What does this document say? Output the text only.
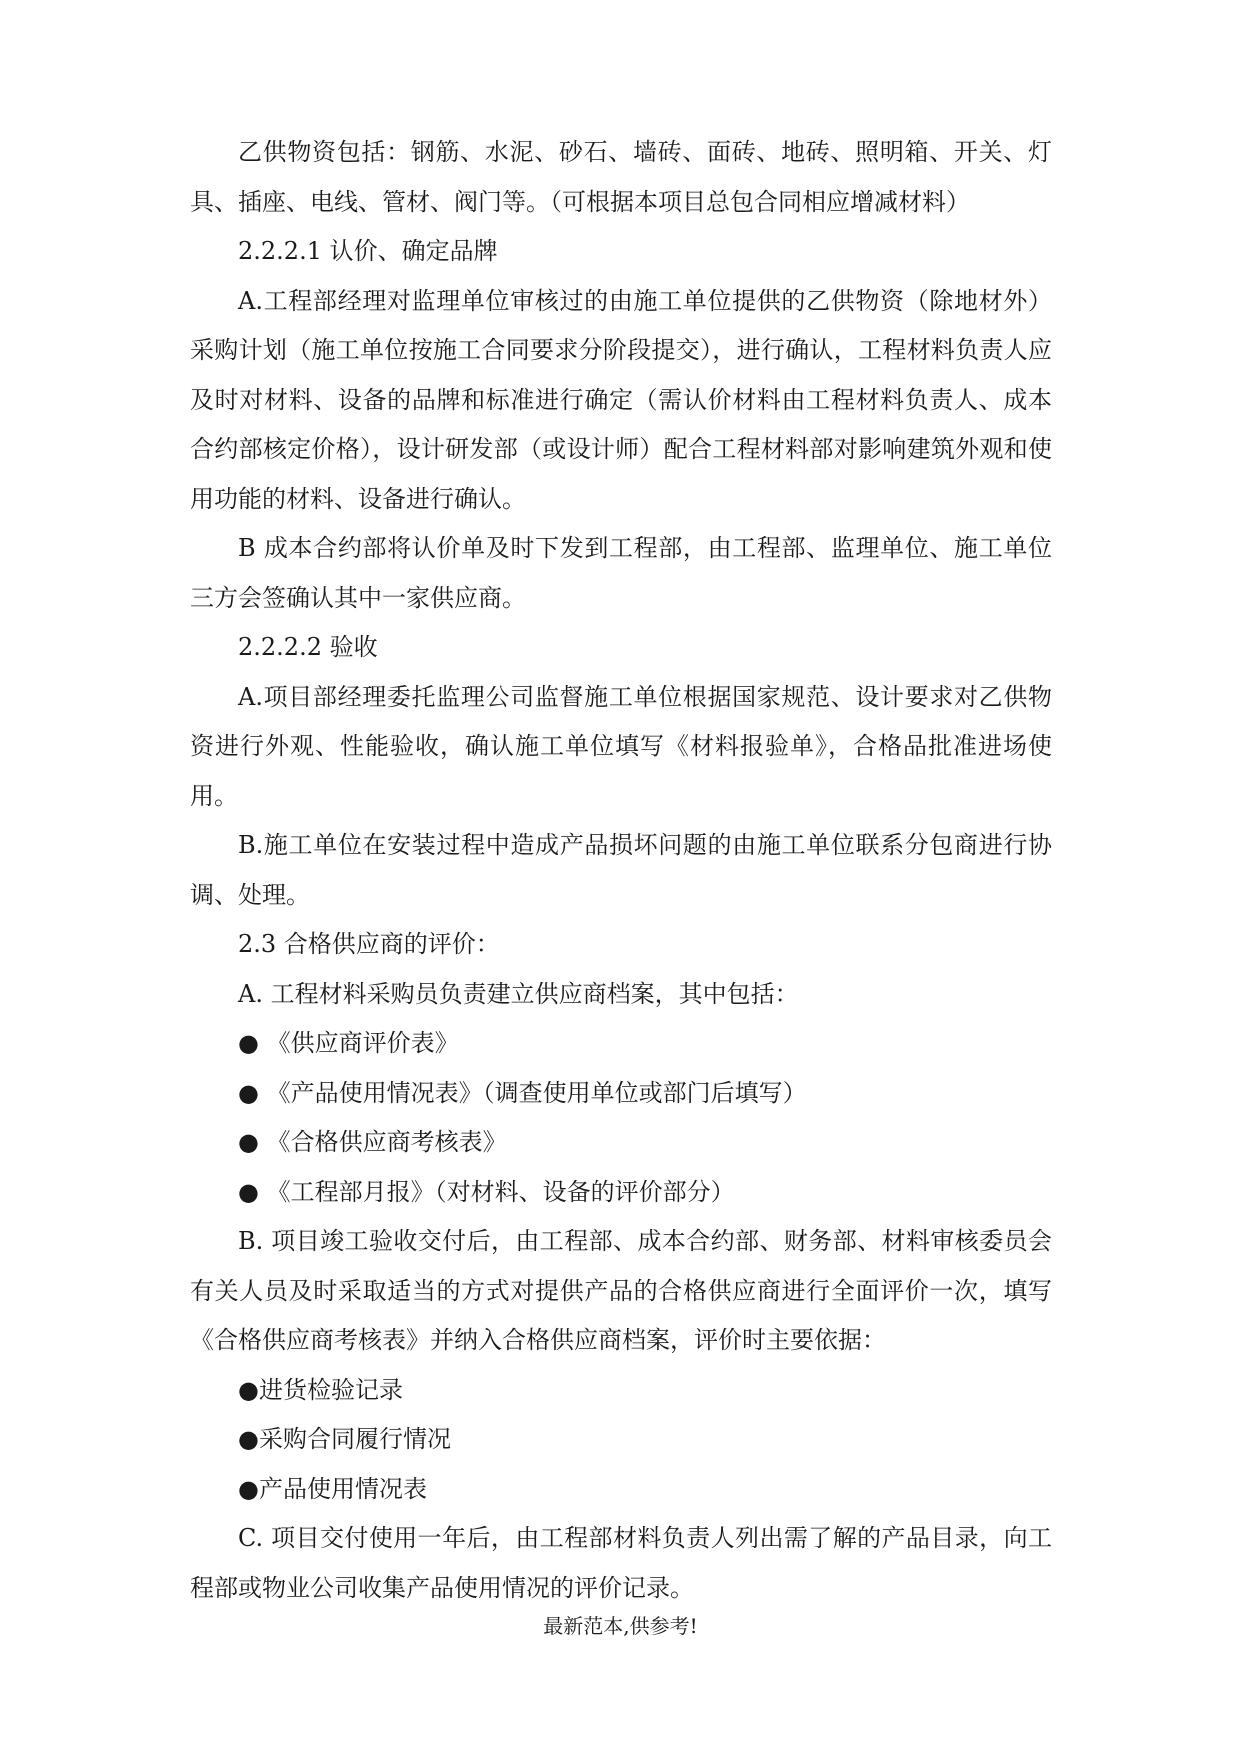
乙供物资包括：钢筋、水泥、砂石、墙砖、面砖、地砖、照明箱、开关、灯具、插座、电线、管材、阀门等。（可根据本项目总包合同相应增减材料）

2.2.2.1 认价、确定品牌

A.工程部经理对监理单位审核过的由施工单位提供的乙供物资（除地材外）采购计划（施工单位按施工合同要求分阶段提交），进行确认，工程材料负责人应及时对材料、设备的品牌和标准进行确定（需认价材料由工程材料负责人、成本合约部核定价格），设计研发部（或设计师）配合工程材料部对影响建筑外观和使用功能的材料、设备进行确认。

B 成本合约部将认价单及时下发到工程部，由工程部、监理单位、施工单位三方会签确认其中一家供应商。

2.2.2.2 验收

A.项目部经理委托监理公司监督施工单位根据国家规范、设计要求对乙供物资进行外观、性能验收，确认施工单位填写《材料报验单》，合格品批准进场使用。

B.施工单位在安装过程中造成产品损坏问题的由施工单位联系分包商进行协调、处理。

2.3 合格供应商的评价：

A. 工程材料采购员负责建立供应商档案，其中包括：

● 《供应商评价表》

● 《产品使用情况表》（调查使用单位或部门后填写）

● 《合格供应商考核表》

● 《工程部月报》（对材料、设备的评价部分）

B. 项目竣工验收交付后，由工程部、成本合约部、财务部、材料审核委员会有关人员及时采取适当的方式对提供产品的合格供应商进行全面评价一次，填写《合格供应商考核表》并纳入合格供应商档案，评价时主要依据：

●进货检验记录

●采购合同履行情况

●产品使用情况表

C. 项目交付使用一年后，由工程部材料负责人列出需了解的产品目录，向工程部或物业公司收集产品使用情况的评价记录。

最新范本,供参考!
